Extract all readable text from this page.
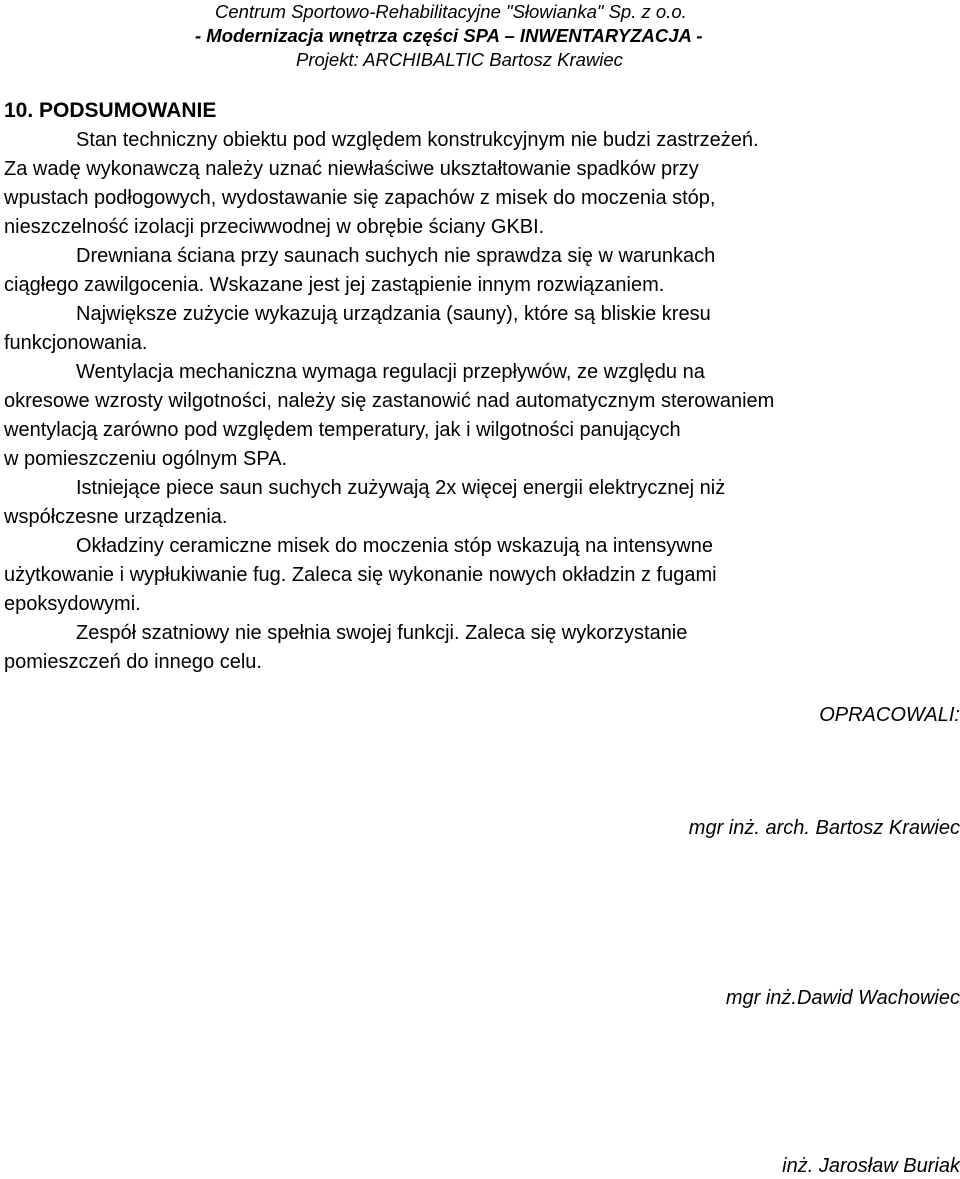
Centrum Sportowo-Rehabilitacyjne "Słowianka" Sp. z o.o.
- Modernizacja wnętrza części SPA – INWENTARYZACJA -
Projekt: ARCHIBALTIC Bartosz Krawiec
10. PODSUMOWANIE
Stan techniczny obiektu pod względem konstrukcyjnym nie budzi zastrzeżeń.
Za wadę wykonawczą należy uznać niewłaściwe ukształtowanie spadków przy
wpustach podłogowych, wydostawanie się zapachów z misek do moczenia stóp,
nieszczelność izolacji przeciwwodnej w obrębie ściany GKBI.
Drewniana ściana przy saunach suchych nie sprawdza się w warunkach
ciągłego zawilgocenia. Wskazane jest jej zastąpienie innym rozwiązaniem.
Największe zużycie wykazują urządzania (sauny), które są bliskie kresu
funkcjonowania.
Wentylacja mechaniczna wymaga regulacji przepływów, ze względu na
okresowe wzrosty wilgotności, należy się zastanowić nad automatycznym sterowaniem
wentylacją zarówno pod względem temperatury, jak i wilgotności panujących
w pomieszczeniu ogólnym SPA.
Istniejące piece saun suchych zużywają 2x więcej energii elektrycznej niż
współczesne urządzenia.
Okładziny ceramiczne misek do moczenia stóp wskazują na intensywne
użytkowanie i wypłukiwanie fug. Zaleca się wykonanie nowych okładzin z fugami
epoksydowymi.
Zespół szatniowy nie spełnia swojej funkcji. Zaleca się wykorzystanie
pomieszczeń do innego celu.
OPRACOWALI:
mgr inż. arch. Bartosz Krawiec
mgr inż.Dawid Wachowiec
inż. Jarosław Buriak
